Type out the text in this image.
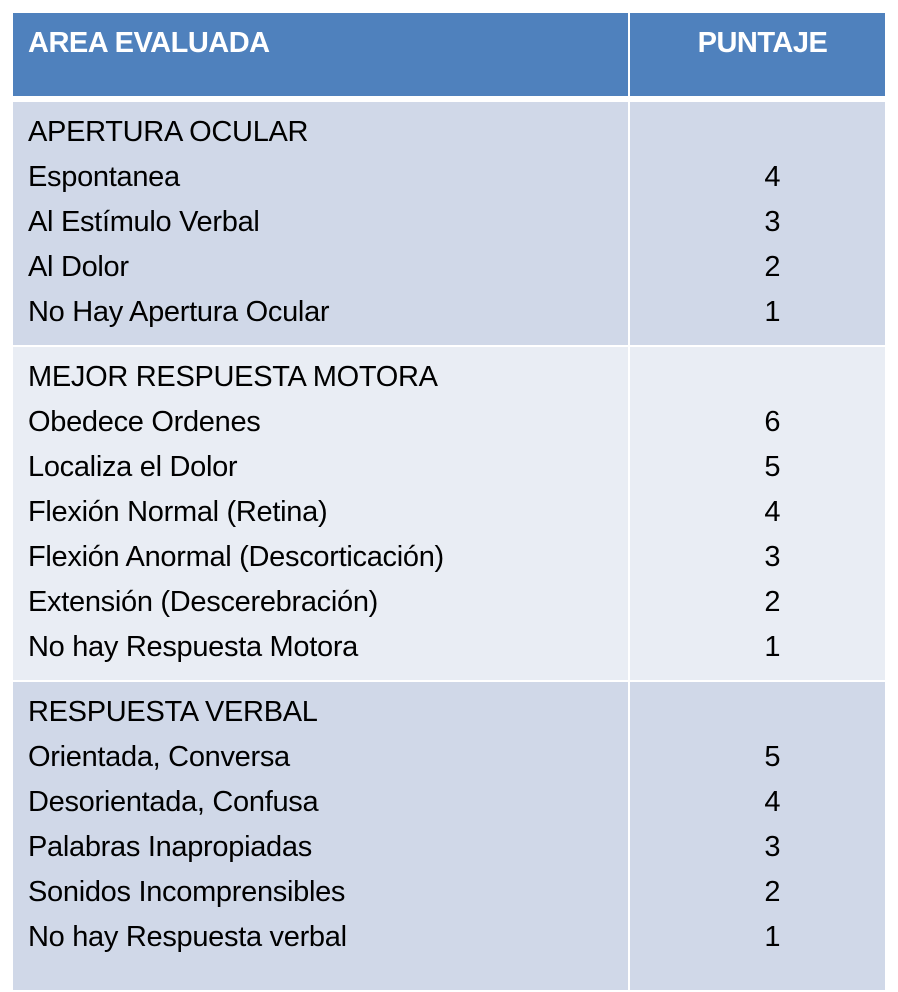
AREA EVALUADA	PUNTAJE
APERTURA OCULAR
Espontanea
Al Estímulo Verbal
Al Dolor
No Hay Apertura Ocular
4
3
2
1
MEJOR RESPUESTA MOTORA
Obedece Ordenes
Localiza el Dolor
Flexión Normal (Retina)
Flexión Anormal (Descorticación)
Extensión (Descerebración)
No hay Respuesta Motora
6
5
4
3
2
1
RESPUESTA VERBAL
Orientada, Conversa
Desorientada, Confusa
Palabras Inapropiadas
Sonidos Incomprensibles
No hay Respuesta verbal
5
4
3
2
1
